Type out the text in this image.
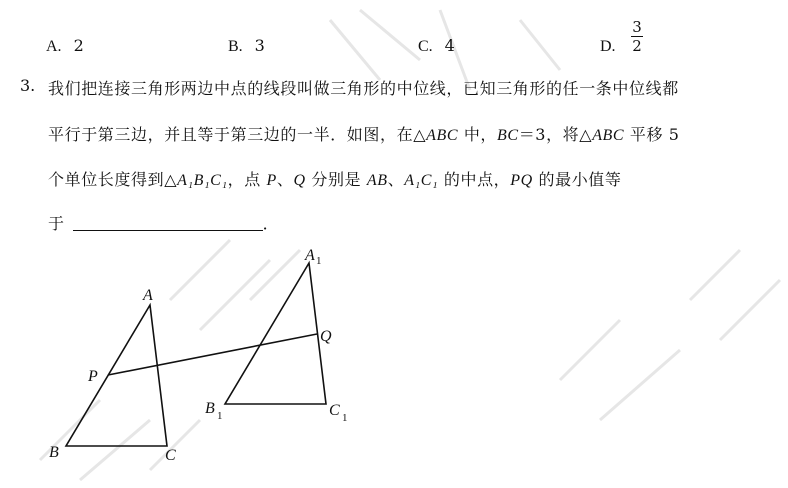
A. 2	B. 3	C. 4	D.
3
2
3. 我们把连接三角形两边中点的线段叫做三角形的中位线，已知三角形的任一条中位线都
平行于第三边，并且等于第三边的一半．如图，在△ABC 中，BC＝3，将△ABC 平移 5
个单位长度得到△A₁B₁C₁，点 P、Q 分别是 AB、A₁C₁ 的中点，PQ 的最小值等
于	．
A
B	C
P
Q
A 1
B 1	C 1
